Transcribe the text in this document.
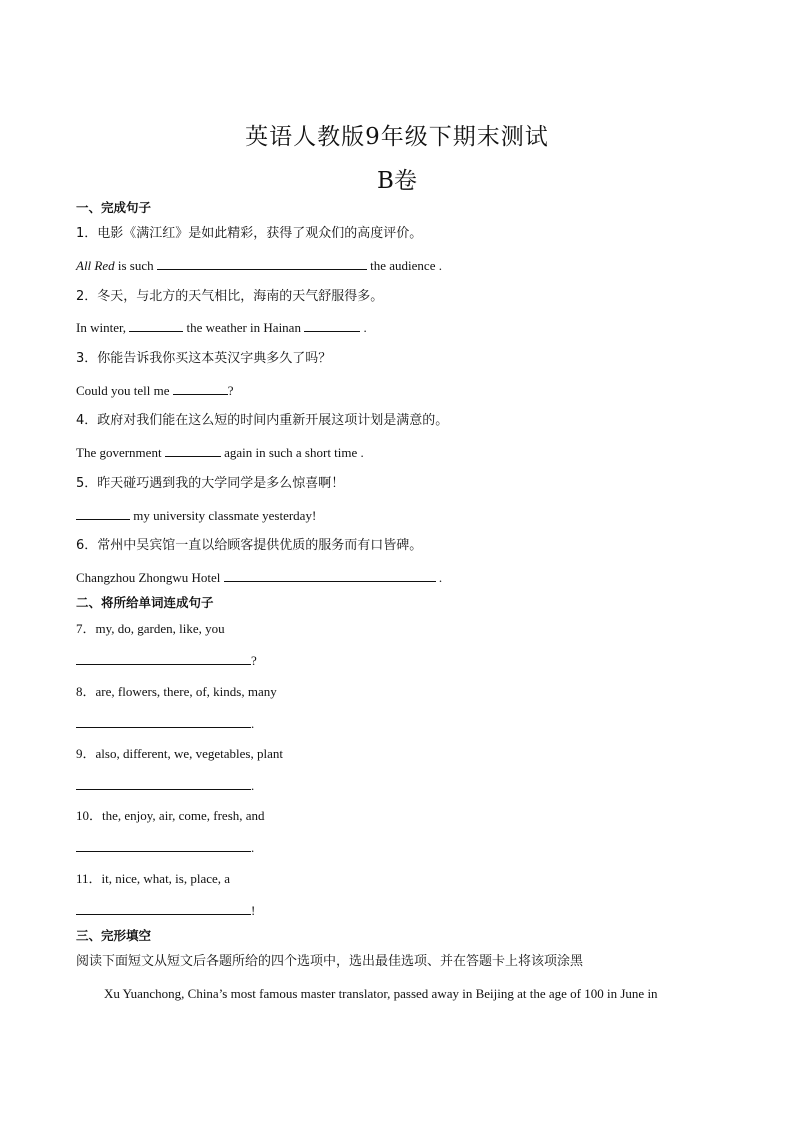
英语人教版9年级下期末测试
B卷
一、完成句子
1．电影《满江红》是如此精彩，获得了观众们的高度评价。
All Red is such	the audience .
2．冬天，与北方的天气相比，海南的天气舒服得多。
In winter,	the weather in Hainan	.
3．你能告诉我你买这本英汉字典多久了吗？
Could you tell me	?
4．政府对我们能在这么短的时间内重新开展这项计划是满意的。
The government	again in such a short time .
5．昨天碰巧遇到我的大学同学是多么惊喜啊！
my university classmate yesterday!
6．常州中吴宾馆一直以给顾客提供优质的服务而有口皆碑。
Changzhou Zhongwu Hotel	.
二、将所给单词连成句子
7．my, do, garden, like, you
?
8．are, flowers, there, of, kinds, many
.
9．also, different, we, vegetables, plant
.
10．the, enjoy, air, come, fresh, and
.
11．it, nice, what, is, place, a
!
三、完形填空
阅读下面短文从短文后各题所给的四个选项中，选出最佳选项、并在答题卡上将该项涂黑
Xu Yuanchong, China’s most famous master translator, passed away in Beijing at the age of 100 in June in
